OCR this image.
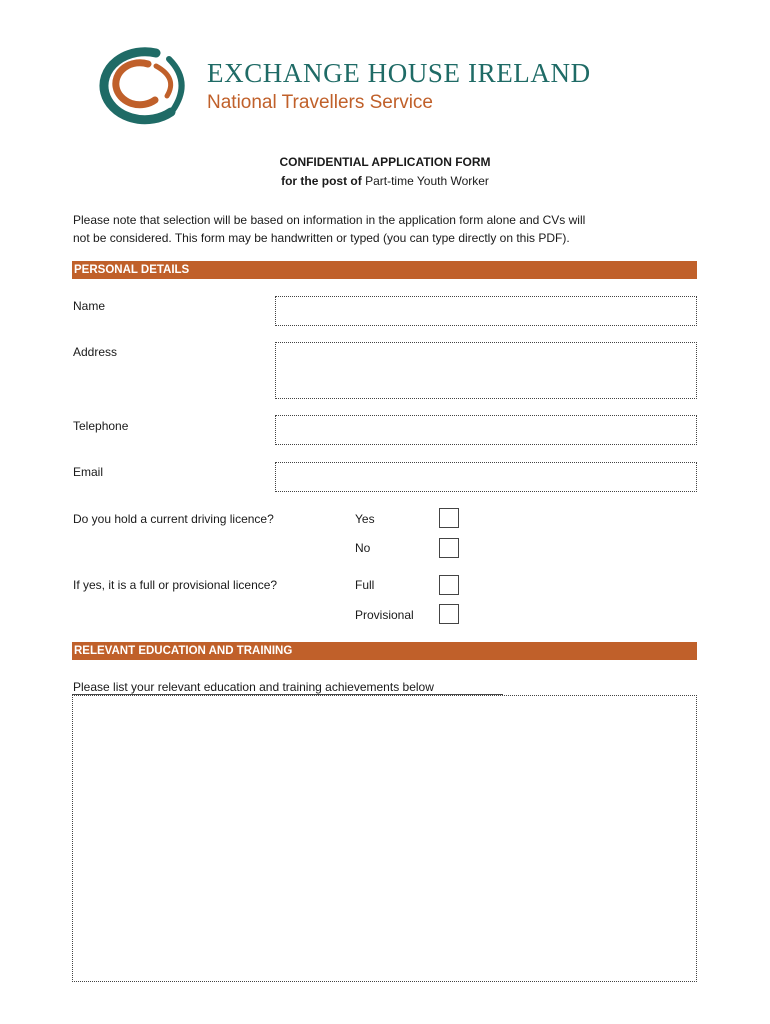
EXCHANGE HOUSE IRELAND
National Travellers Service
CONFIDENTIAL APPLICATION FORM
for the post of Part-time Youth Worker
Please note that selection will be based on information in the application form alone and CVs will
not be considered. This form may be handwritten or typed (you can type directly on this PDF).
PERSONAL DETAILS
Name
Address
Telephone
Email
Do you hold a current driving licence?	Yes
No
If yes, it is a full or provisional licence?	Full
Provisional
RELEVANT EDUCATION AND TRAINING
Please list your relevant education and training achievements below
